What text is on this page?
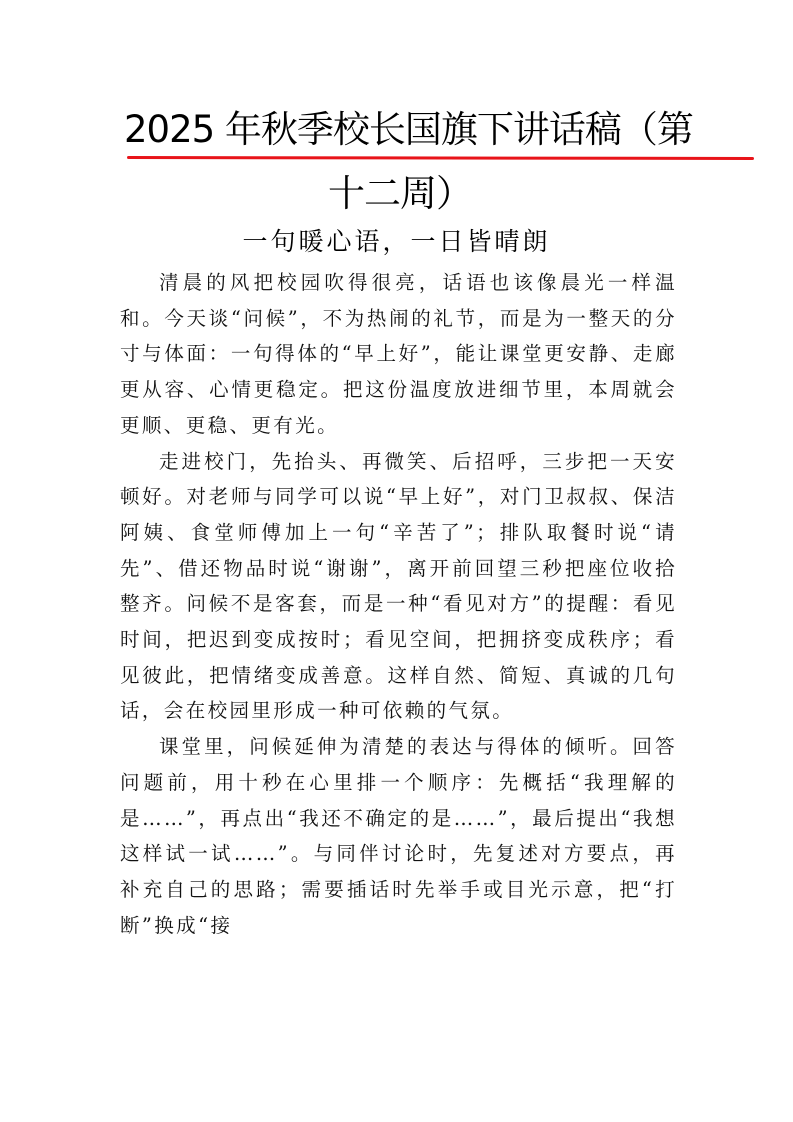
2025 年秋季校长国旗下讲话稿（第
十二周）
一句暖心语，一日皆晴朗

清晨的风把校园吹得很亮，话语也该像晨光一样温和。今天谈“问候”，不为热闹的礼节，而是为一整天的分寸与体面：一句得体的“早上好”，能让课堂更安静、走廊更从容、心情更稳定。把这份温度放进细节里，本周就会更顺、更稳、更有光。

走进校门，先抬头、再微笑、后招呼，三步把一天安顿好。对老师与同学可以说“早上好”，对门卫叔叔、保洁阿姨、食堂师傅加上一句“辛苦了”；排队取餐时说“请先”、借还物品时说“谢谢”，离开前回望三秒把座位收拾整齐。问候不是客套，而是一种“看见对方”的提醒：看见时间，把迟到变成按时；看见空间，把拥挤变成秩序；看见彼此，把情绪变成善意。这样自然、简短、真诚的几句话，会在校园里形成一种可依赖的气氛。

课堂里，问候延伸为清楚的表达与得体的倾听。回答问题前，用十秒在心里排一个顺序：先概括“我理解的是……”，再点出“我还不确定的是……”，最后提出“我想这样试一试……”。与同伴讨论时，先复述对方要点，再补充自己的思路；需要插话时先举手或目光示意，把“打断”换成“接
